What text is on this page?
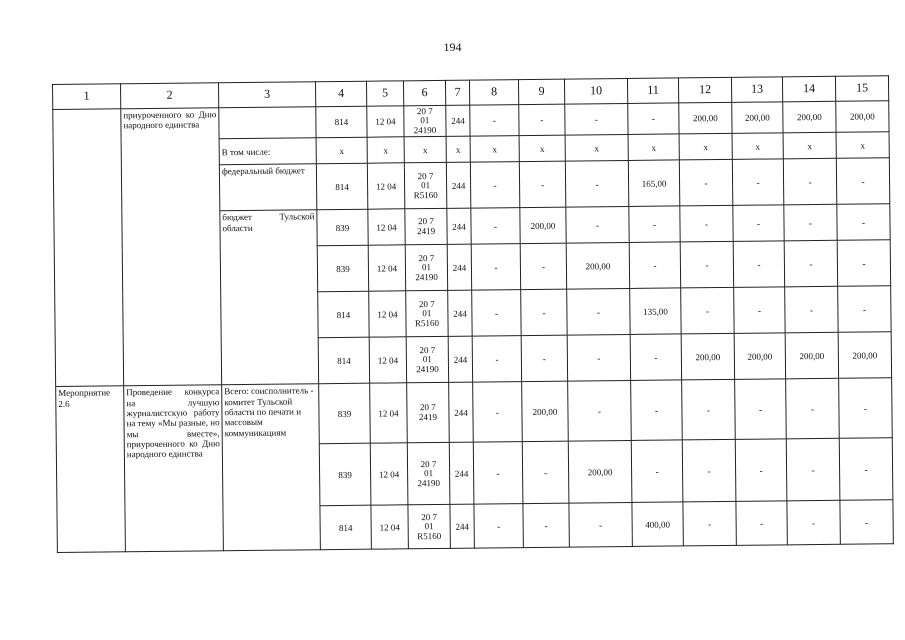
194
1	2	3	4	5	6	7	8	9	10	11	12	13	14	15
	приуроченного ко Дню народного единства		814	12 04	20 7
01
24190	244	-	-	-	-	200,00	200,00	200,00	200,00
		В том числе:	х	х	х	х	х	х	х	х	х	х	х	х
		федеральный бюджет	814	12 04	20 7
01
R5160	244	-	-	-	165,00	-	-	-	-
		бюджет Тульской области	839	12 04	20 7
2419	244	-	200,00	-	-	-	-	-	-
			839	12 04	20 7
01
24190	244	-	-	200,00	-	-	-	-	-
			814	12 04	20 7
01
R5160	244	-	-	-	135,00	-	-	-	-
			814	12 04	20 7
01
24190	244	-	-	-	-	200,00	200,00	200,00	200,00
Мероприятие 2.6	Проведение конкурса на лучшую журналистскую работу на тему «Мы разные, но мы вместе», приуроченного ко Дню народного единства	Всего: соисполнитель - комитет Тульской области по печати и массовым коммуникациям	839	12 04	20 7
2419	244	-	200,00	-	-	-	-	-	-
			839	12 04	20 7
01
24190	244	-	-	200,00	-	-	-	-	-
			814	12 04	20 7
01
R5160	244	-	-	-	400,00	-	-	-	-
